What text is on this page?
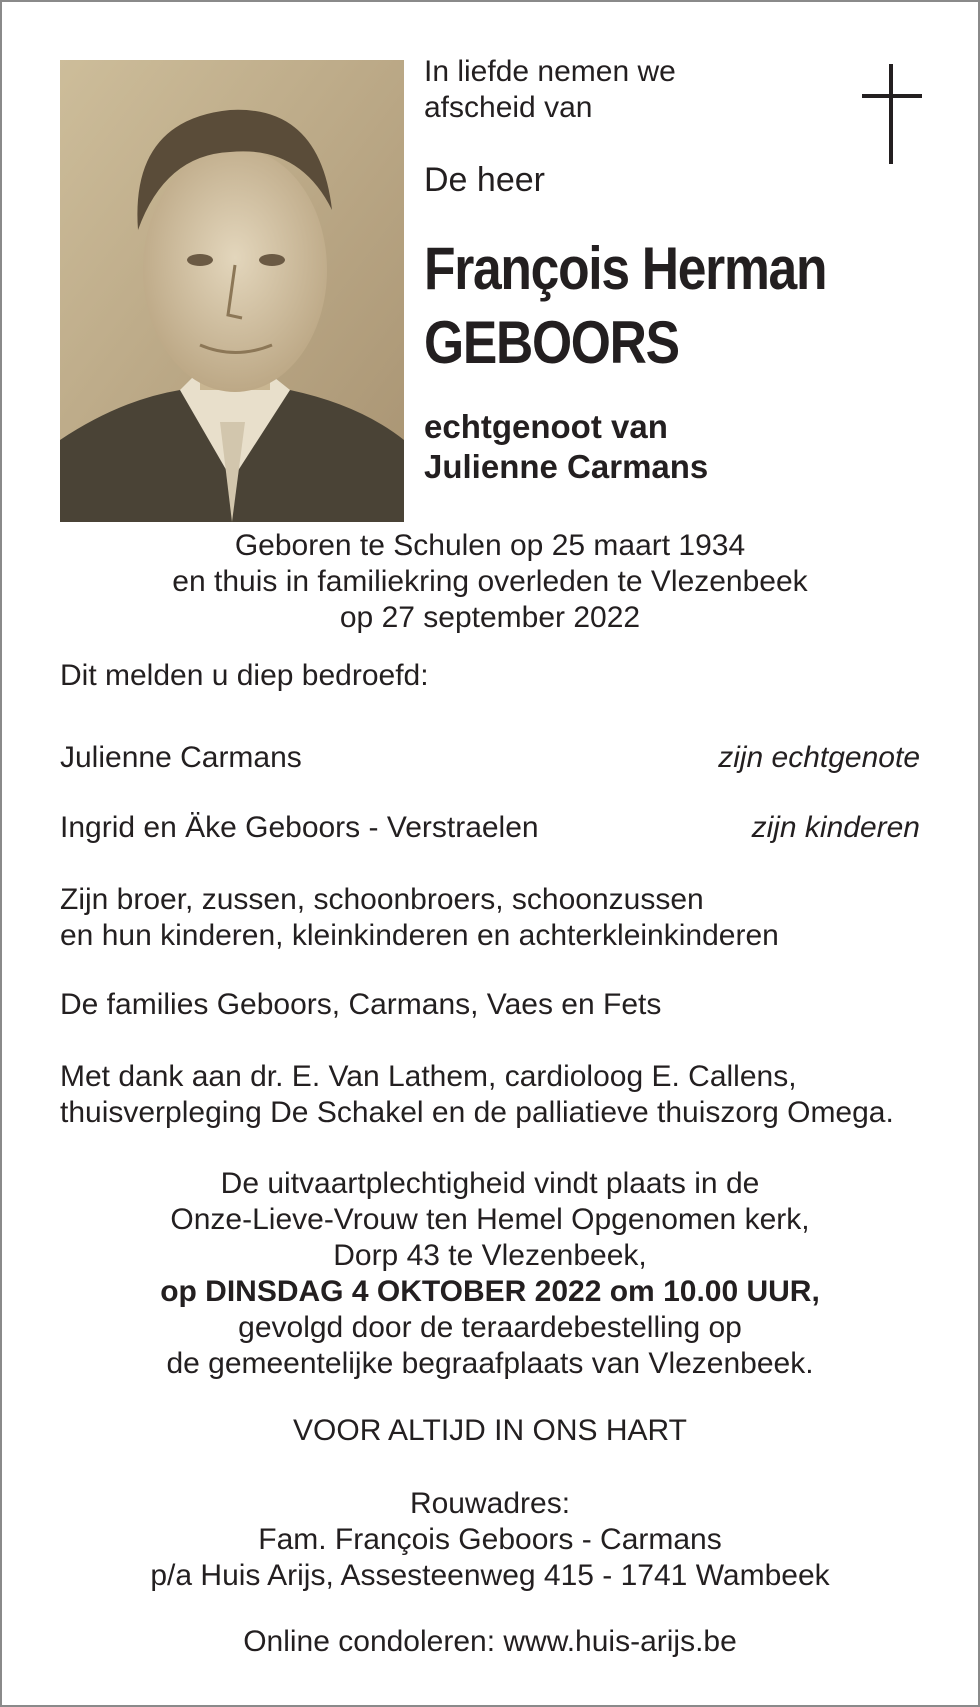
In liefde nemen we
afscheid van
De heer
François Herman
GEBOORS
echtgenoot van
Julienne Carmans
Geboren te Schulen op 25 maart 1934
en thuis in familiekring overleden te Vlezenbeek
op 27 september 2022
Dit melden u diep bedroefd:
Julienne Carmans	zijn echtgenote
Ingrid en Äke Geboors - Verstraelen	zijn kinderen
Zijn broer, zussen, schoonbroers, schoonzussen
en hun kinderen, kleinkinderen en achterkleinkinderen
De families Geboors, Carmans, Vaes en Fets
Met dank aan dr. E. Van Lathem, cardioloog E. Callens,
thuisverpleging De Schakel en de palliatieve thuiszorg Omega.
De uitvaartplechtigheid vindt plaats in de
Onze-Lieve-Vrouw ten Hemel Opgenomen kerk,
Dorp 43 te Vlezenbeek,
op DINSDAG 4 OKTOBER 2022 om 10.00 UUR,
gevolgd door de teraardebestelling op
de gemeentelijke begraafplaats van Vlezenbeek.
VOOR ALTIJD IN ONS HART
Rouwadres:
Fam. François Geboors - Carmans
p/a Huis Arijs, Assesteenweg 415 - 1741 Wambeek
Online condoleren: www.huis-arijs.be
